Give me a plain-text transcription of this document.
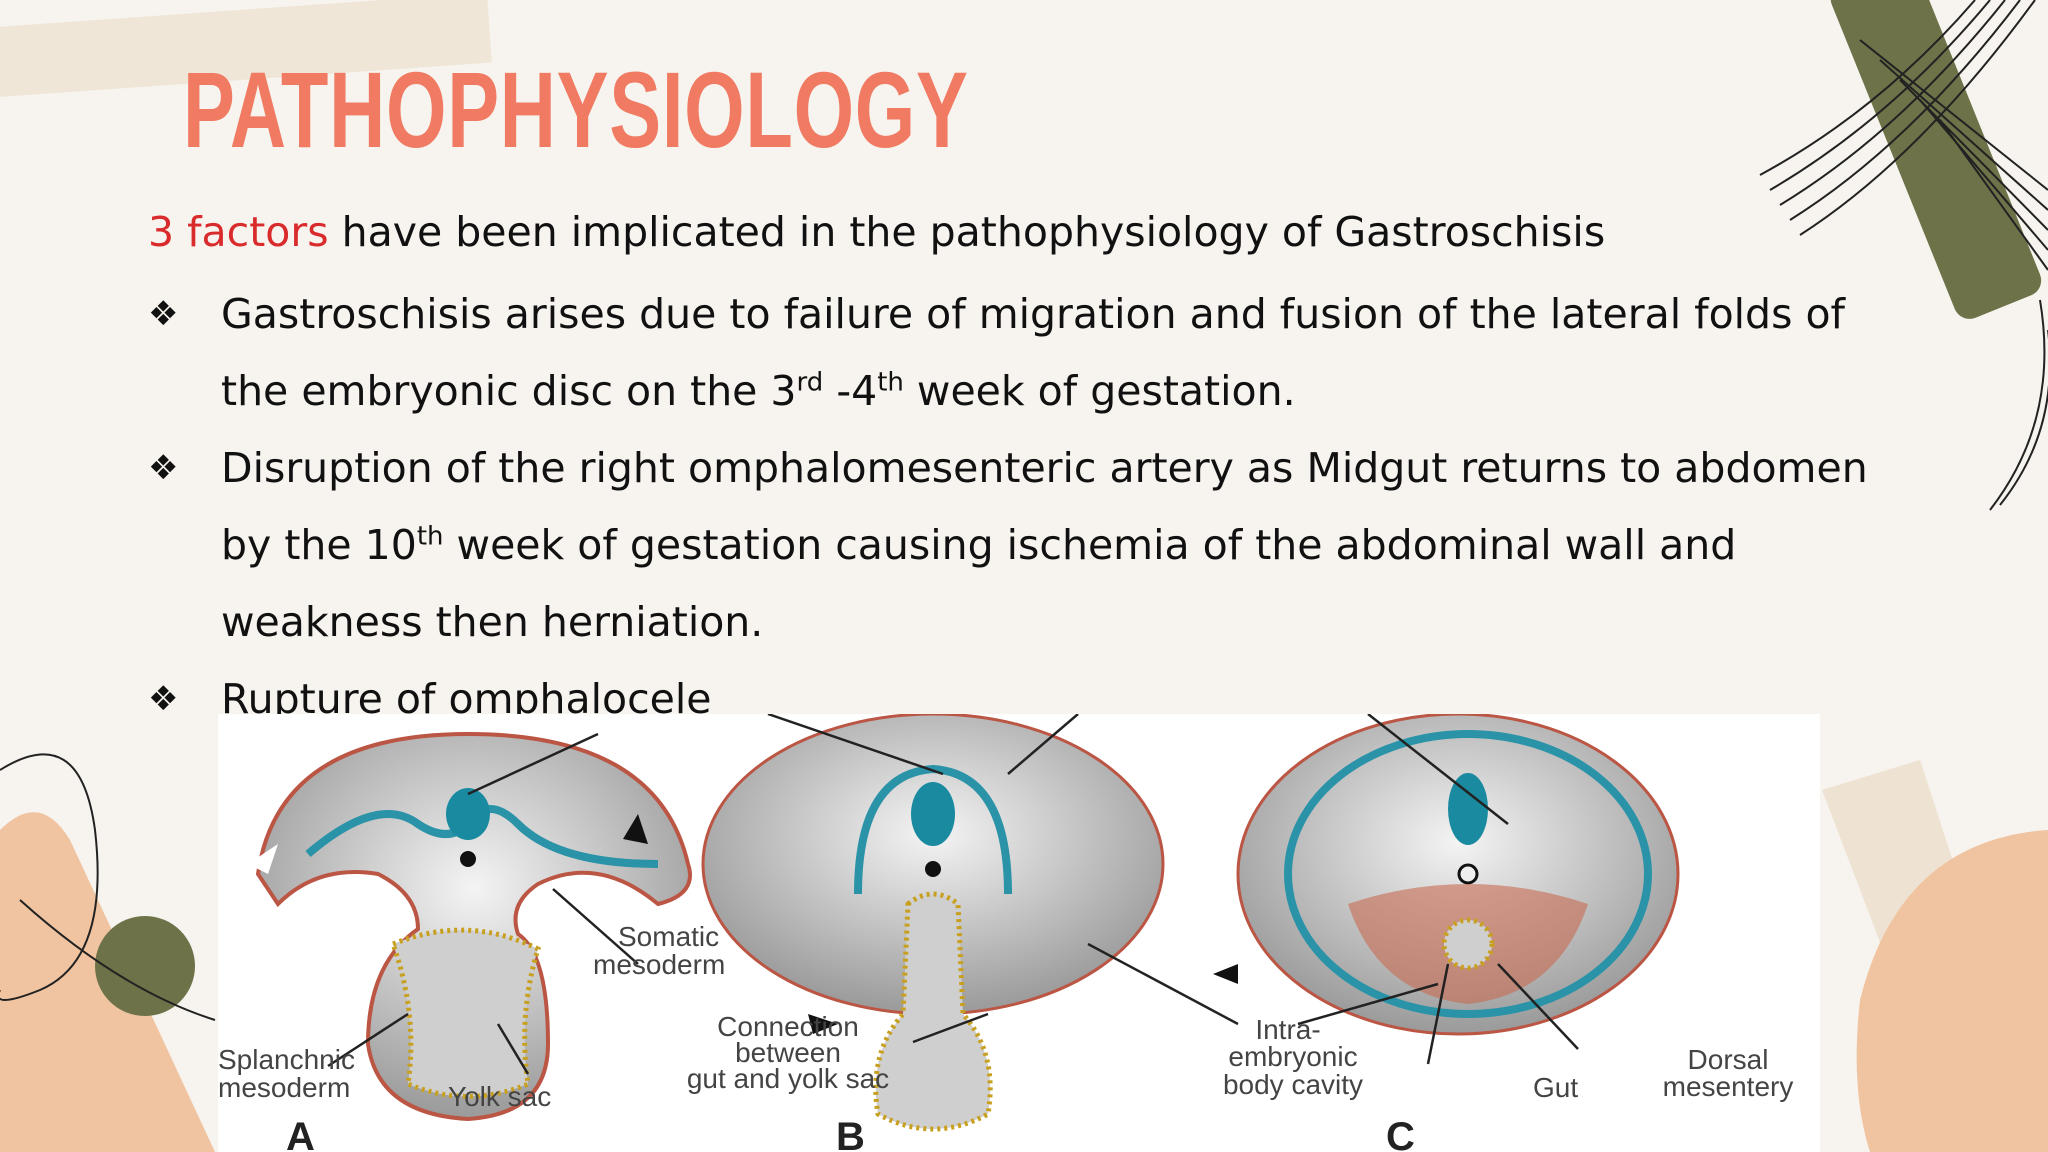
PATHOPHYSIOLOGY
3 factors have been implicated in the pathophysiology of Gastroschisis
❖ Gastroschisis arises due to failure of migration and fusion of the lateral folds of the embryonic disc on the 3rd -4th week of gestation.
❖ Disruption of the right omphalomesenteric artery as Midgut returns to abdomen by the 10th week of gestation causing ischemia of the abdominal wall and weakness then herniation.
❖ Rupture of omphalocele
Somatic mesoderm
Splanchnic mesoderm	Yolk sac
Connection between gut and yolk sac
Intra-embryonic body cavity	Gut
Dorsal mesentery
A	B	C
